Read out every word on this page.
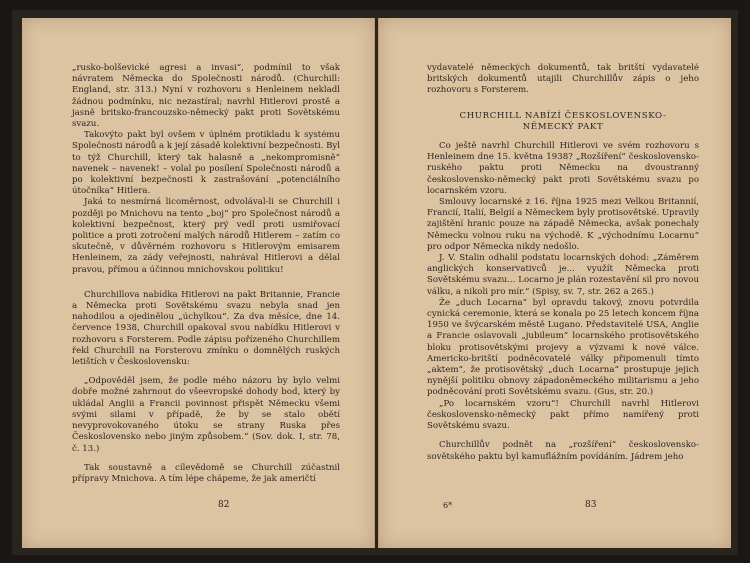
„rusko-bolševické agresi a invasi“, podmínil to však návratem Německa do Společnosti národů. (Churchill: England, str. 313.) Nyní v rozhovoru s Henleinem nekladl žádnou podmínku, nic nezastíral; navrhl Hitlerovi prostě a jasně britsko-francouzsko-německý pakt proti Sovětskému svazu.

Takovýto pakt byl ovšem v úplném protikladu k systému Společnosti národů a k její zásadě kolektivní bezpečnosti. Byl to týž Churchill, který tak halasně a „nekompromisně“ navenek – navenek! – volal po posílení Společnosti národů a po kolektivní bezpečnosti k zastrašování „potenciálního útočníka“ Hitlera.

Jaká to nesmírná licoměrnost, odvolával-li se Churchill i později po Mnichovu na tento „boj“ pro Společnost národů a kolektivní bezpečnost, který prý vedl proti usmiřovací politice a proti zotročení malých národů Hitlerem – zatím co skutečně, v důvěrném rozhovoru s Hitlerovým emisarem Henleinem, za zády veřejnosti, nahrával Hitlerovi a dělal pravou, přímou a účinnou mnichovskou politiku!

Churchillova nabídka Hitlerovi na pakt Britannie, Francie a Německa proti Sovětskému svazu nebyla snad jen nahodilou a ojedinělou „úchylkou“. Za dva měsíce, dne 14. července 1938, Churchill opakoval svou nabídku Hitlerovi v rozhovoru s Forsterem. Podle zápisu pořízeného Churchillem řekl Churchill na Forsterovu zmínku o domnělých ruských letištích v Československu:

„Odpověděl jsem, že podle mého názoru by bylo velmi dobře možné zahrnout do všeevropské dohody bod, který by ukládal Anglii a Francii povinnost přispět Německu všemi svými silami v případě, že by se stalo obětí nevyprovokovaného útoku se strany Ruska přes Československo nebo jiným způsobem.“ (Sov. dok. I, str. 78, č. 13.)

Tak soustavně a cílevědomě se Churchill zúčastnil přípravy Mnichova. A tím lépe chápeme, že jak američtí

82

vydavatelé německých dokumentů, tak britští vydavatelé britských dokumentů utajili Churchillův zápis o jeho rozhovoru s Forsterem.

CHURCHILL NABÍZÍ ČESKOSLOVENSKO-NĚMECKÝ PAKT

Co ještě navrhl Churchill Hitlerovi ve svém rozhovoru s Henleinem dne 15. května 1938? „Rozšíření“ československo-ruského paktu proti Německu na dvoustranný československo-německý pakt proti Sovětskému svazu po locarnském vzoru.

Smlouvy locarnské z 16. října 1925 mezi Velkou Britannií, Francií, Italií, Belgií a Německem byly protisovětské. Upravily zajištění hranic pouze na západě Německa, avšak ponechaly Německu volnou ruku na východě. K „východnímu Locarnu“ pro odpor Německa nikdy nedošlo.

J. V. Stalin odhalil podstatu locarnských dohod: „Záměrem anglických konservativců je... využít Německa proti Sovětskému svazu... Locarno je plán rozestavění sil pro novou válku, a nikoli pro mír.“ (Spisy, sv. 7, str. 262 a 265.)

Že „duch Locarna“ byl opravdu takový, znovu potvrdila cynická ceremonie, která se konala po 25 letech koncem října 1950 ve švýcarském městě Lugano. Představitelé USA, Anglie a Francie oslavovali „jubileum“ locarnského protisovětského bloku protisovětskými projevy a výzvami k nové válce. Americko-britští podněcovatelé války připomenuli tímto „aktem“, že protisovětský „duch Locarna“ prostupuje jejich nynější politiku obnovy západoněmeckého militarismu a jeho podněcování proti Sovětskému svazu. (Gus, str. 20.)

„Po locarnském vzoru“! Churchill navrhl Hitlerovi československo-německý pakt přímo namířený proti Sovětskému svazu.

Churchillův podnět na „rozšíření“ československo-sovětského paktu byl kamuflážním povídáním. Jádrem jeho

6*	83
